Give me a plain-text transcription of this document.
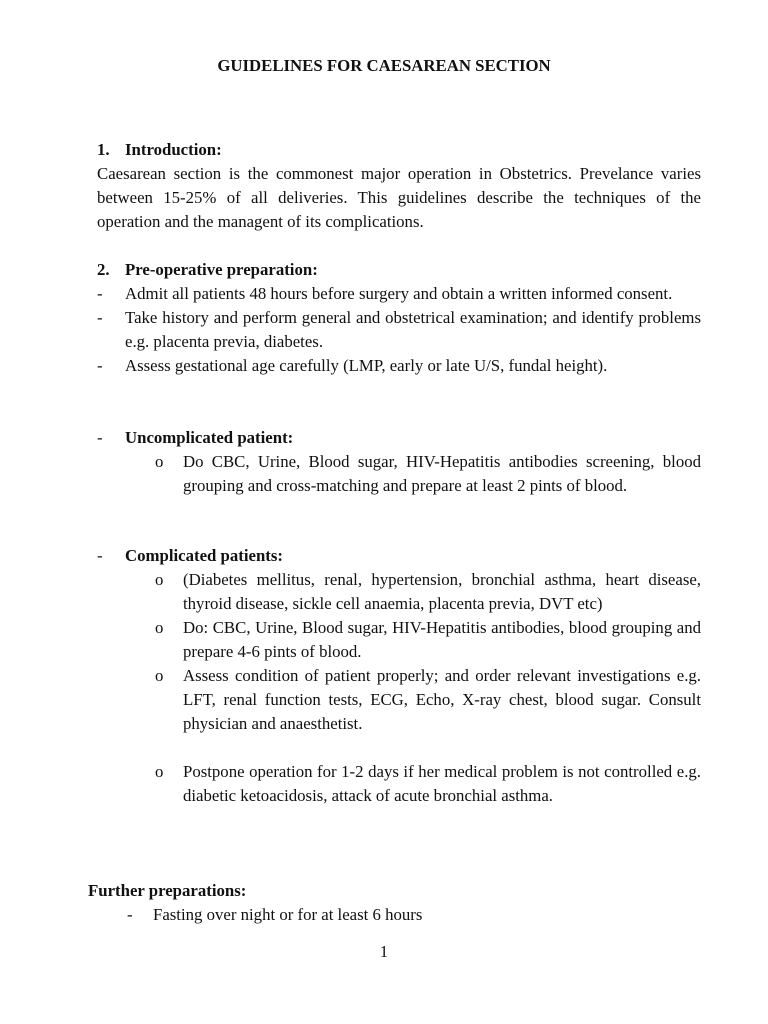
GUIDELINES FOR CAESAREAN SECTION
1. Introduction:
Caesarean section is the commonest major operation in Obstetrics. Prevelance varies between 15-25% of all deliveries. This guidelines describe the techniques of the operation and the managent of its complications.
2. Pre-operative preparation:
-	Admit all patients 48 hours before surgery and obtain a written informed consent.
-	Take history and perform general and obstetrical examination; and identify problems e.g. placenta previa, diabetes.
-	Assess gestational age carefully (LMP, early or late U/S, fundal height).
-	Uncomplicated patient:
o Do CBC, Urine, Blood sugar, HIV-Hepatitis antibodies screening, blood grouping and cross-matching and prepare at least 2 pints of blood.
-	Complicated patients:
o (Diabetes mellitus, renal, hypertension, bronchial asthma, heart disease, thyroid disease, sickle cell anaemia, placenta previa, DVT etc)
o Do: CBC, Urine, Blood sugar, HIV-Hepatitis antibodies, blood grouping and prepare 4-6 pints of blood.
o Assess condition of patient properly; and order relevant investigations e.g. LFT, renal function tests, ECG, Echo, X-ray chest, blood sugar. Consult physician and anaesthetist.
o Postpone operation for 1-2 days if her medical problem is not controlled e.g. diabetic ketoacidosis, attack of acute bronchial asthma.
Further preparations:
-	Fasting over night or for at least 6 hours
1
